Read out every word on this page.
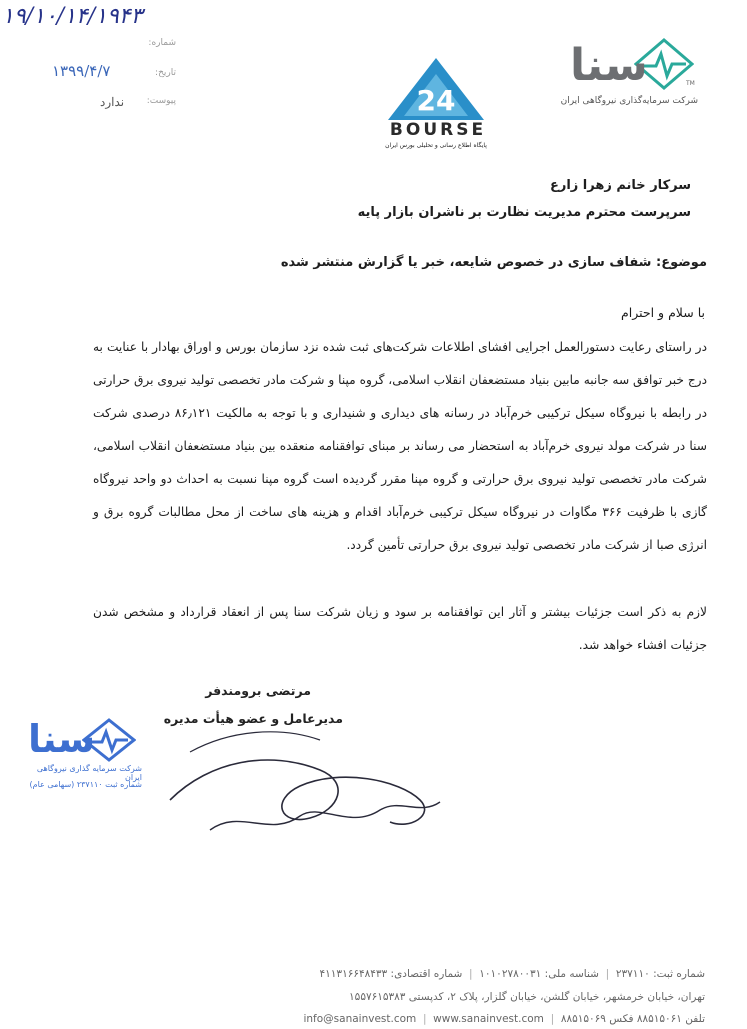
۱۹/۱۰/۱۴/۱۹۴۳
شماره:
تاریخ:
۱۳۹۹/۴/۷
پیوست:
ندارد	24
BOURSE
پایگاه اطلاع رسانی و تحلیلی بورس ایران
سنا	TM
شرکت سرمایه‌گذاری نیروگاهی ایران
سرکار خانم زهرا زارع
سرپرست محترم مدیریت نظارت بر ناشران بازار پایه
موضوع: شفاف سازی در خصوص شایعه، خبر یا گزارش منتشر شده
با سلام و احترام
در راستای رعایت دستورالعمل اجرایی افشای اطلاعات شرکت‌های ثبت شده نزد سازمان بورس و اوراق بهادار با عنایت به درج خبر توافق سه جانبه مابین بنیاد مستضعفان انقلاب اسلامی، گروه مپنا و شرکت مادر تخصصی تولید نیروی برق حرارتی در رابطه با نیروگاه سیکل ترکیبی خرم‌آباد در رسانه های دیداری و شنیداری و با توجه به مالکیت ۸۶٫۱۲۱ درصدی شرکت سنا در شرکت مولد نیروی خرم‌آباد به استحضار می رساند بر مبنای توافقنامه منعقده بین بنیاد مستضعفان انقلاب اسلامی، شرکت مادر تخصصی تولید نیروی برق حرارتی و گروه مپنا مقرر گردیده است گروه مپنا نسبت به احداث دو واحد نیروگاه گازی با ظرفیت ۳۶۶ مگاوات در نیروگاه سیکل ترکیبی خرم‌آباد اقدام و هزینه های ساخت از محل مطالبات گروه برق و انرژی صبا از شرکت مادر تخصصی تولید نیروی برق حرارتی تأمین گردد.
لازم به ذکر است جزئیات بیشتر و آثار این توافقنامه بر سود و زیان شرکت سنا پس از انعقاد قرارداد و مشخص شدن جزئیات افشاء خواهد شد.
مرتضی برومندفر
مدیرعامل و عضو هیأت مدیره
سنا
شرکت سرمایه گذاری نیروگاهی ایران
شماره ثبت ۲۳۷۱۱۰ (سهامی عام)
شماره ثبت: ۲۳۷۱۱۰  |  شناسه ملی: ۱۰۱۰۲۷۸۰۰۳۱  |  شماره اقتصادی: ۴۱۱۳۱۶۶۴۸۴۳۳
تهران، خیابان خرمشهر، خیابان گلشن، خیابان گلزار، پلاک ۲، کدپستی ۱۵۵۷۶۱۵۳۸۳
تلفن ۸۸۵۱۵۰۶۱ فکس ۸۸۵۱۵۰۶۹  |  info@sanainvest.com  |  www.sanainvest.com
